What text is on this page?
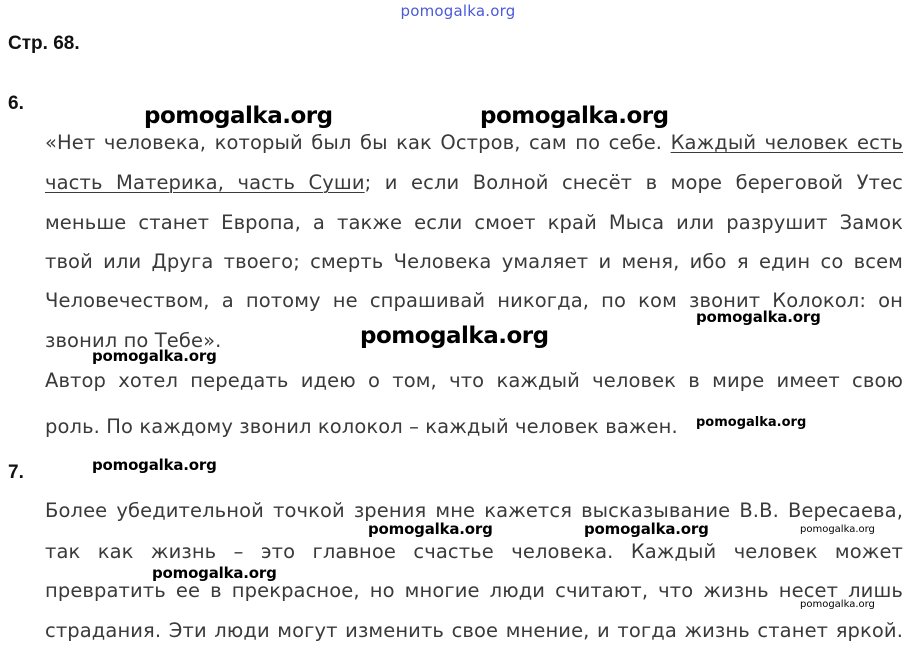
pomogalka.org
Стр. 68.
6.
«Нет человека, который был бы как Остров, сам по себе. Каждый человек есть
часть Материка, часть Суши; и если Волной снесёт в море береговой Утес
меньше станет Европа, а также если смоет край Мыса или разрушит Замок
твой или Друга твоего; смерть Человека умаляет и меня, ибо я един со всем
Человечеством, а потому не спрашивай никогда, по ком звонит Колокол: он
звонил по Тебе».
Автор хотел передать идею о том, что каждый человек в мире имеет свою
роль. По каждому звонил колокол – каждый человек важен.
7.
Более убедительной точкой зрения мне кажется высказывание В.В. Вересаева,
так как жизнь – это главное счастье человека. Каждый человек может
превратить ее в прекрасное, но многие люди считают, что жизнь несет лишь
страдания. Эти люди могут изменить свое мнение, и тогда жизнь станет яркой.
pomogalka.org	pomogalka.org
pomogalka.org
pomogalka.org
pomogalka.org
pomogalka.org
pomogalka.org
pomogalka.org	pomogalka.org	pomogalka.org
pomogalka.org
pomogalka.org
